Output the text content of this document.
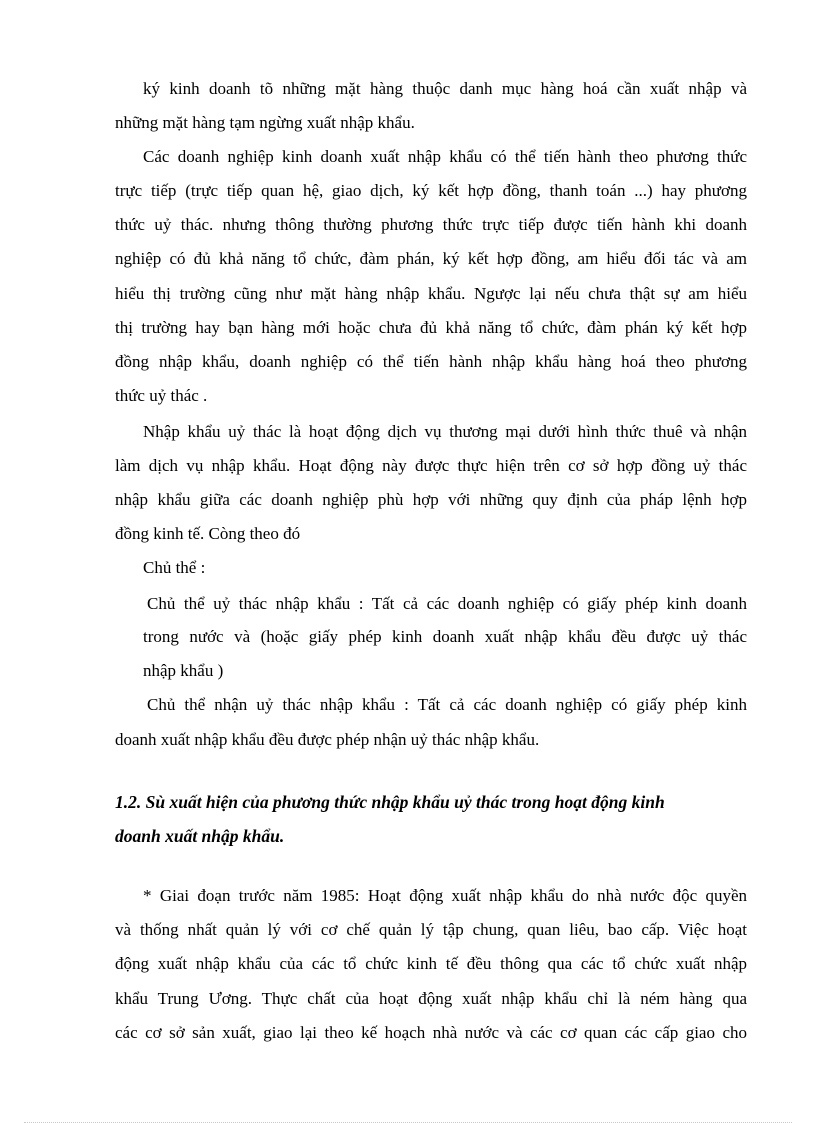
ký kinh doanh tõ những mặt hàng thuộc danh mục hàng hoá cần xuất nhập và
những mặt hàng tạm ngừng xuất nhập khẩu.
Các doanh nghiệp kinh doanh xuất nhập khẩu có thể tiến hành theo phương thức
trực tiếp (trực tiếp quan hệ, giao dịch, ký kết hợp đồng, thanh toán ...) hay phương
thức uỷ thác. nhưng thông thường phương thức trực tiếp được tiến hành khi doanh
nghiệp có đủ khả năng tổ chức, đàm phán, ký kết hợp đồng, am hiểu đối tác và am
hiểu thị trường cũng như mặt hàng nhập khẩu. Ngược lại nếu chưa thật sự am hiểu
thị trường hay bạn hàng mới hoặc chưa đủ khả năng tổ chức, đàm phán ký kết hợp
đồng nhập khẩu, doanh nghiệp có thể tiến hành nhập khẩu hàng hoá theo phương
thức uỷ thác .
Nhập khẩu uỷ thác là hoạt động dịch vụ thương mại dưới hình thức thuê và nhận
làm dịch vụ nhập khẩu. Hoạt động này được thực hiện trên cơ sở hợp đồng uỷ thác
nhập khẩu giữa các doanh nghiệp phù hợp với những quy định của pháp lệnh hợp
đồng kinh tế. Còng theo đó
Chủ thể :
Chủ thể uỷ thác nhập khẩu : Tất cả các doanh nghiệp có giấy phép kinh doanh
trong nước và (hoặc giấy phép kinh doanh xuất nhập khẩu đều được uỷ thác
nhập khẩu )
Chủ thể nhận uỷ thác nhập khẩu : Tất cả các doanh nghiệp có giấy phép kinh
doanh xuất nhập khẩu đều được phép nhận uỷ thác nhập khẩu.
1.2. Sù xuất hiện của phương thức nhập khẩu uỷ thác trong hoạt động kinh
doanh xuất nhập khẩu.
* Giai đoạn trước năm 1985: Hoạt động xuất nhập khẩu do nhà nước độc quyền
và thống nhất quản lý với cơ chế quản lý tập chung, quan liêu, bao cấp. Việc hoạt
động xuất nhập khẩu của các tổ chức kinh tế đều thông qua các tổ chức xuất nhập
khẩu Trung Ương. Thực chất của hoạt động xuất nhập khẩu chỉ là ném hàng qua
các cơ sở sản xuất, giao lại theo kế hoạch nhà nước và các cơ quan các cấp giao cho
